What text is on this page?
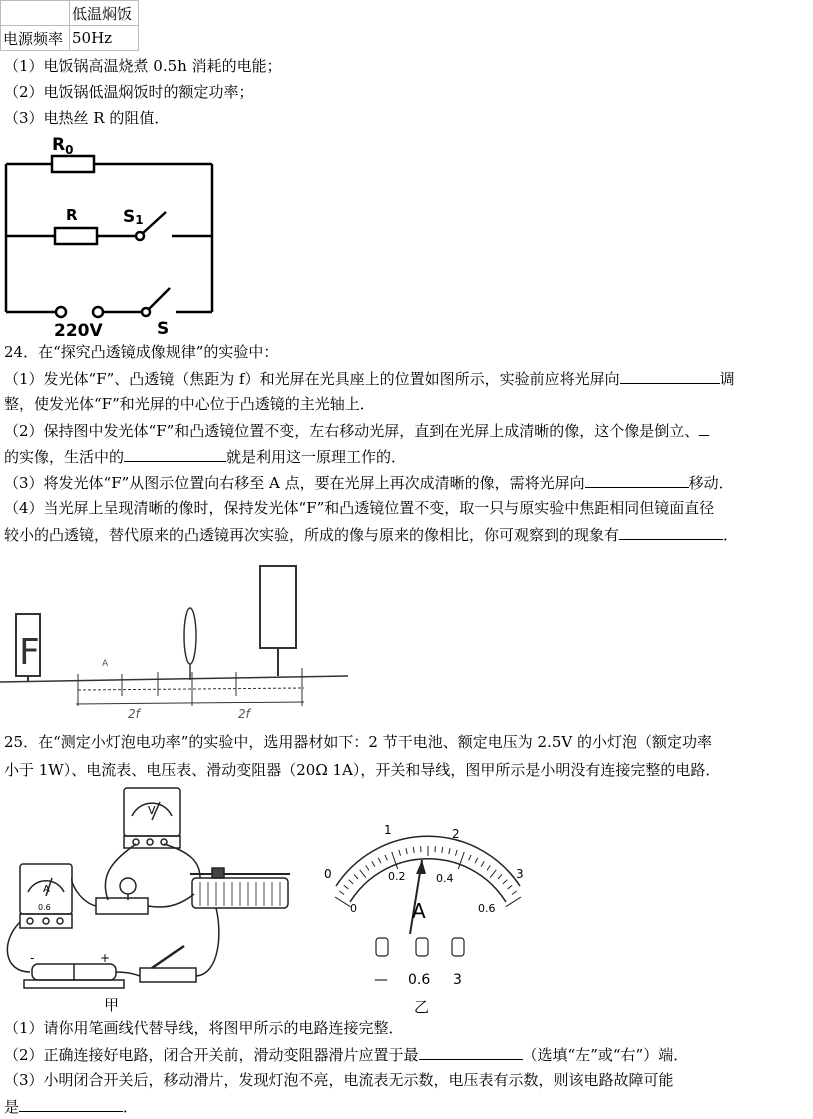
	低温焖饭
电源频率	50Hz
（1）电饭锅高温烧煮 0.5h 消耗的电能；
（2）电饭锅低温焖饭时的额定功率；
（3）电热丝 R 的阻值．
$R_0$
R	S1
220V	S
24．在“探究凸透镜成像规律”的实验中：
（1）发光体“F”、凸透镜（焦距为 f）和光屏在光具座上的位置如图所示，实验前应将光屏向	调
整，使发光体“F”和光屏的中心位于凸透镜的主光轴上．
（2）保持图中发光体“F”和凸透镜位置不变，左右移动光屏，直到在光屏上成清晰的像，这个像是倒立、
的实像，生活中的	就是利用这一原理工作的．
（3）将发光体“F”从图示位置向右移至 A 点，要在光屏上再次成清晰的像，需将光屏向	移动．
（4）当光屏上呈现清晰的像时，保持发光体“F”和凸透镜位置不变，取一只与原实验中焦距相同但镜面直径
较小的凸透镜，替代原来的凸透镜再次实验，所成的像与原来的像相比，你可观察到的现象有	．
F	A
2f	2f
25．在“测定小灯泡电功率”的实验中，选用器材如下：2 节干电池、额定电压为 2.5V 的小灯泡（额定功率
小于 1W）、电流表、电压表、滑动变阻器（20Ω 1A），开关和导线，图甲所示是小明没有连接完整的电路．
V
A
0.6
-	+
甲
0
1	2
3
0
0.2	0.4
0.6
A
— 0.6 3
乙
（1）请你用笔画线代替导线，将图甲所示的电路连接完整．
（2）正确连接好电路，闭合开关前，滑动变阻器滑片应置于最	（选填“左”或“右”）端．
（3）小明闭合开关后，移动滑片，发现灯泡不亮，电流表无示数，电压表有示数，则该电路故障可能
是	．
